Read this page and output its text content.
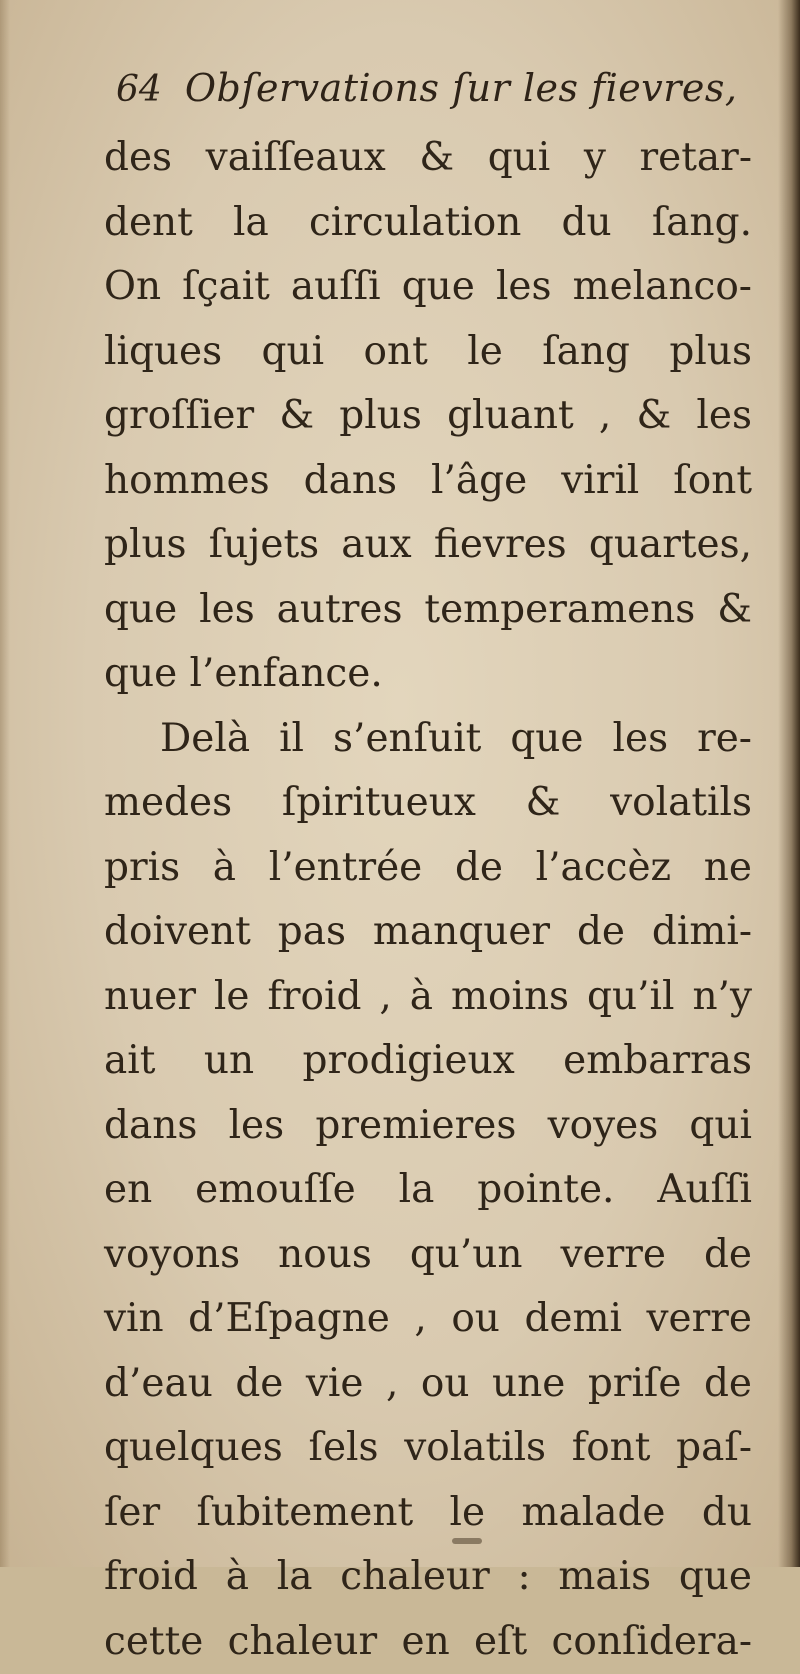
64 Obſervations ſur les fievres,
des vaiſſeaux & qui y retar-
dent la circulation du ſang.
On ſçait auſſi que les melanco-
liques qui ont le ſang plus
groſſier & plus gluant , & les
hommes dans l’âge viril ſont
plus ſujets aux fievres quartes,
que les autres temperamens &
que l’enfance.
Delà il s’enſuit que les re-
medes ſpiritueux & volatils
pris à l’entrée de l’accèz ne
doivent pas manquer de dimi-
nuer le froid , à moins qu’il n’y
ait un prodigieux embarras
dans les premieres voyes qui
en emouſſe la pointe. Auſſi
voyons nous qu’un verre de
vin d’Eſpagne , ou demi verre
d’eau de vie , ou une priſe de
quelques ſels volatils font paſ-
ſer ſubitement le malade du
froid à la chaleur : mais que
cette chaleur en eſt conſidera-
